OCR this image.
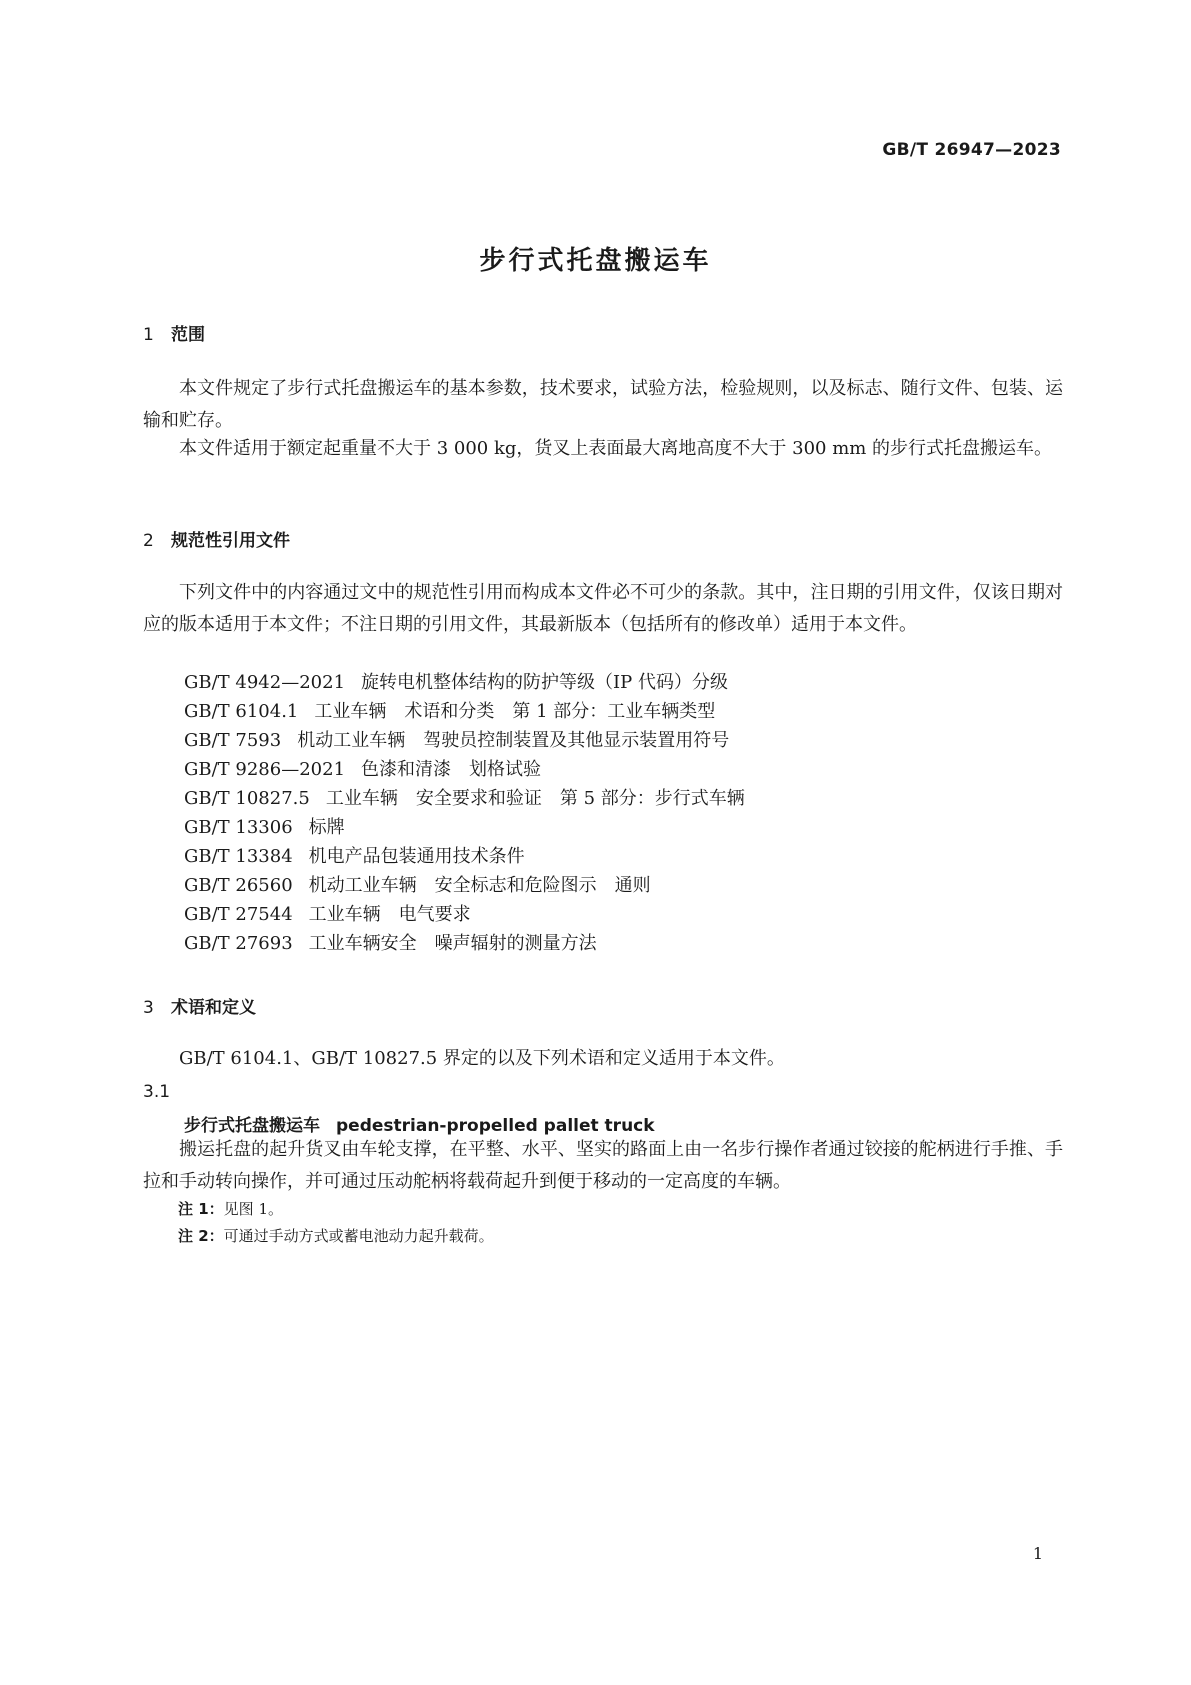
GB/T 26947—2023
步行式托盘搬运车
1 范围
本文件规定了步行式托盘搬运车的基本参数，技术要求，试验方法，检验规则，以及标志、随行文件、包装、运输和贮存。
本文件适用于额定起重量不大于 3 000 kg，货叉上表面最大离地高度不大于 300 mm 的步行式托盘搬运车。
2 规范性引用文件
下列文件中的内容通过文中的规范性引用而构成本文件必不可少的条款。其中，注日期的引用文件，仅该日期对应的版本适用于本文件；不注日期的引用文件，其最新版本（包括所有的修改单）适用于本文件。
GB/T 4942—2021 旋转电机整体结构的防护等级（IP 代码）分级
GB/T 6104.1 工业车辆　术语和分类　第 1 部分：工业车辆类型
GB/T 7593 机动工业车辆　驾驶员控制装置及其他显示装置用符号
GB/T 9286—2021 色漆和清漆　划格试验
GB/T 10827.5 工业车辆　安全要求和验证　第 5 部分：步行式车辆
GB/T 13306 标牌
GB/T 13384 机电产品包装通用技术条件
GB/T 26560 机动工业车辆　安全标志和危险图示　通则
GB/T 27544 工业车辆　电气要求
GB/T 27693 工业车辆安全　噪声辐射的测量方法
3 术语和定义
GB/T 6104.1、GB/T 10827.5 界定的以及下列术语和定义适用于本文件。
3.1
步行式托盘搬运车 pedestrian-propelled pallet truck
搬运托盘的起升货叉由车轮支撑，在平整、水平、坚实的路面上由一名步行操作者通过铰接的舵柄进行手推、手拉和手动转向操作，并可通过压动舵柄将载荷起升到便于移动的一定高度的车辆。
注 1：见图 1。
注 2：可通过手动方式或蓄电池动力起升载荷。
1
